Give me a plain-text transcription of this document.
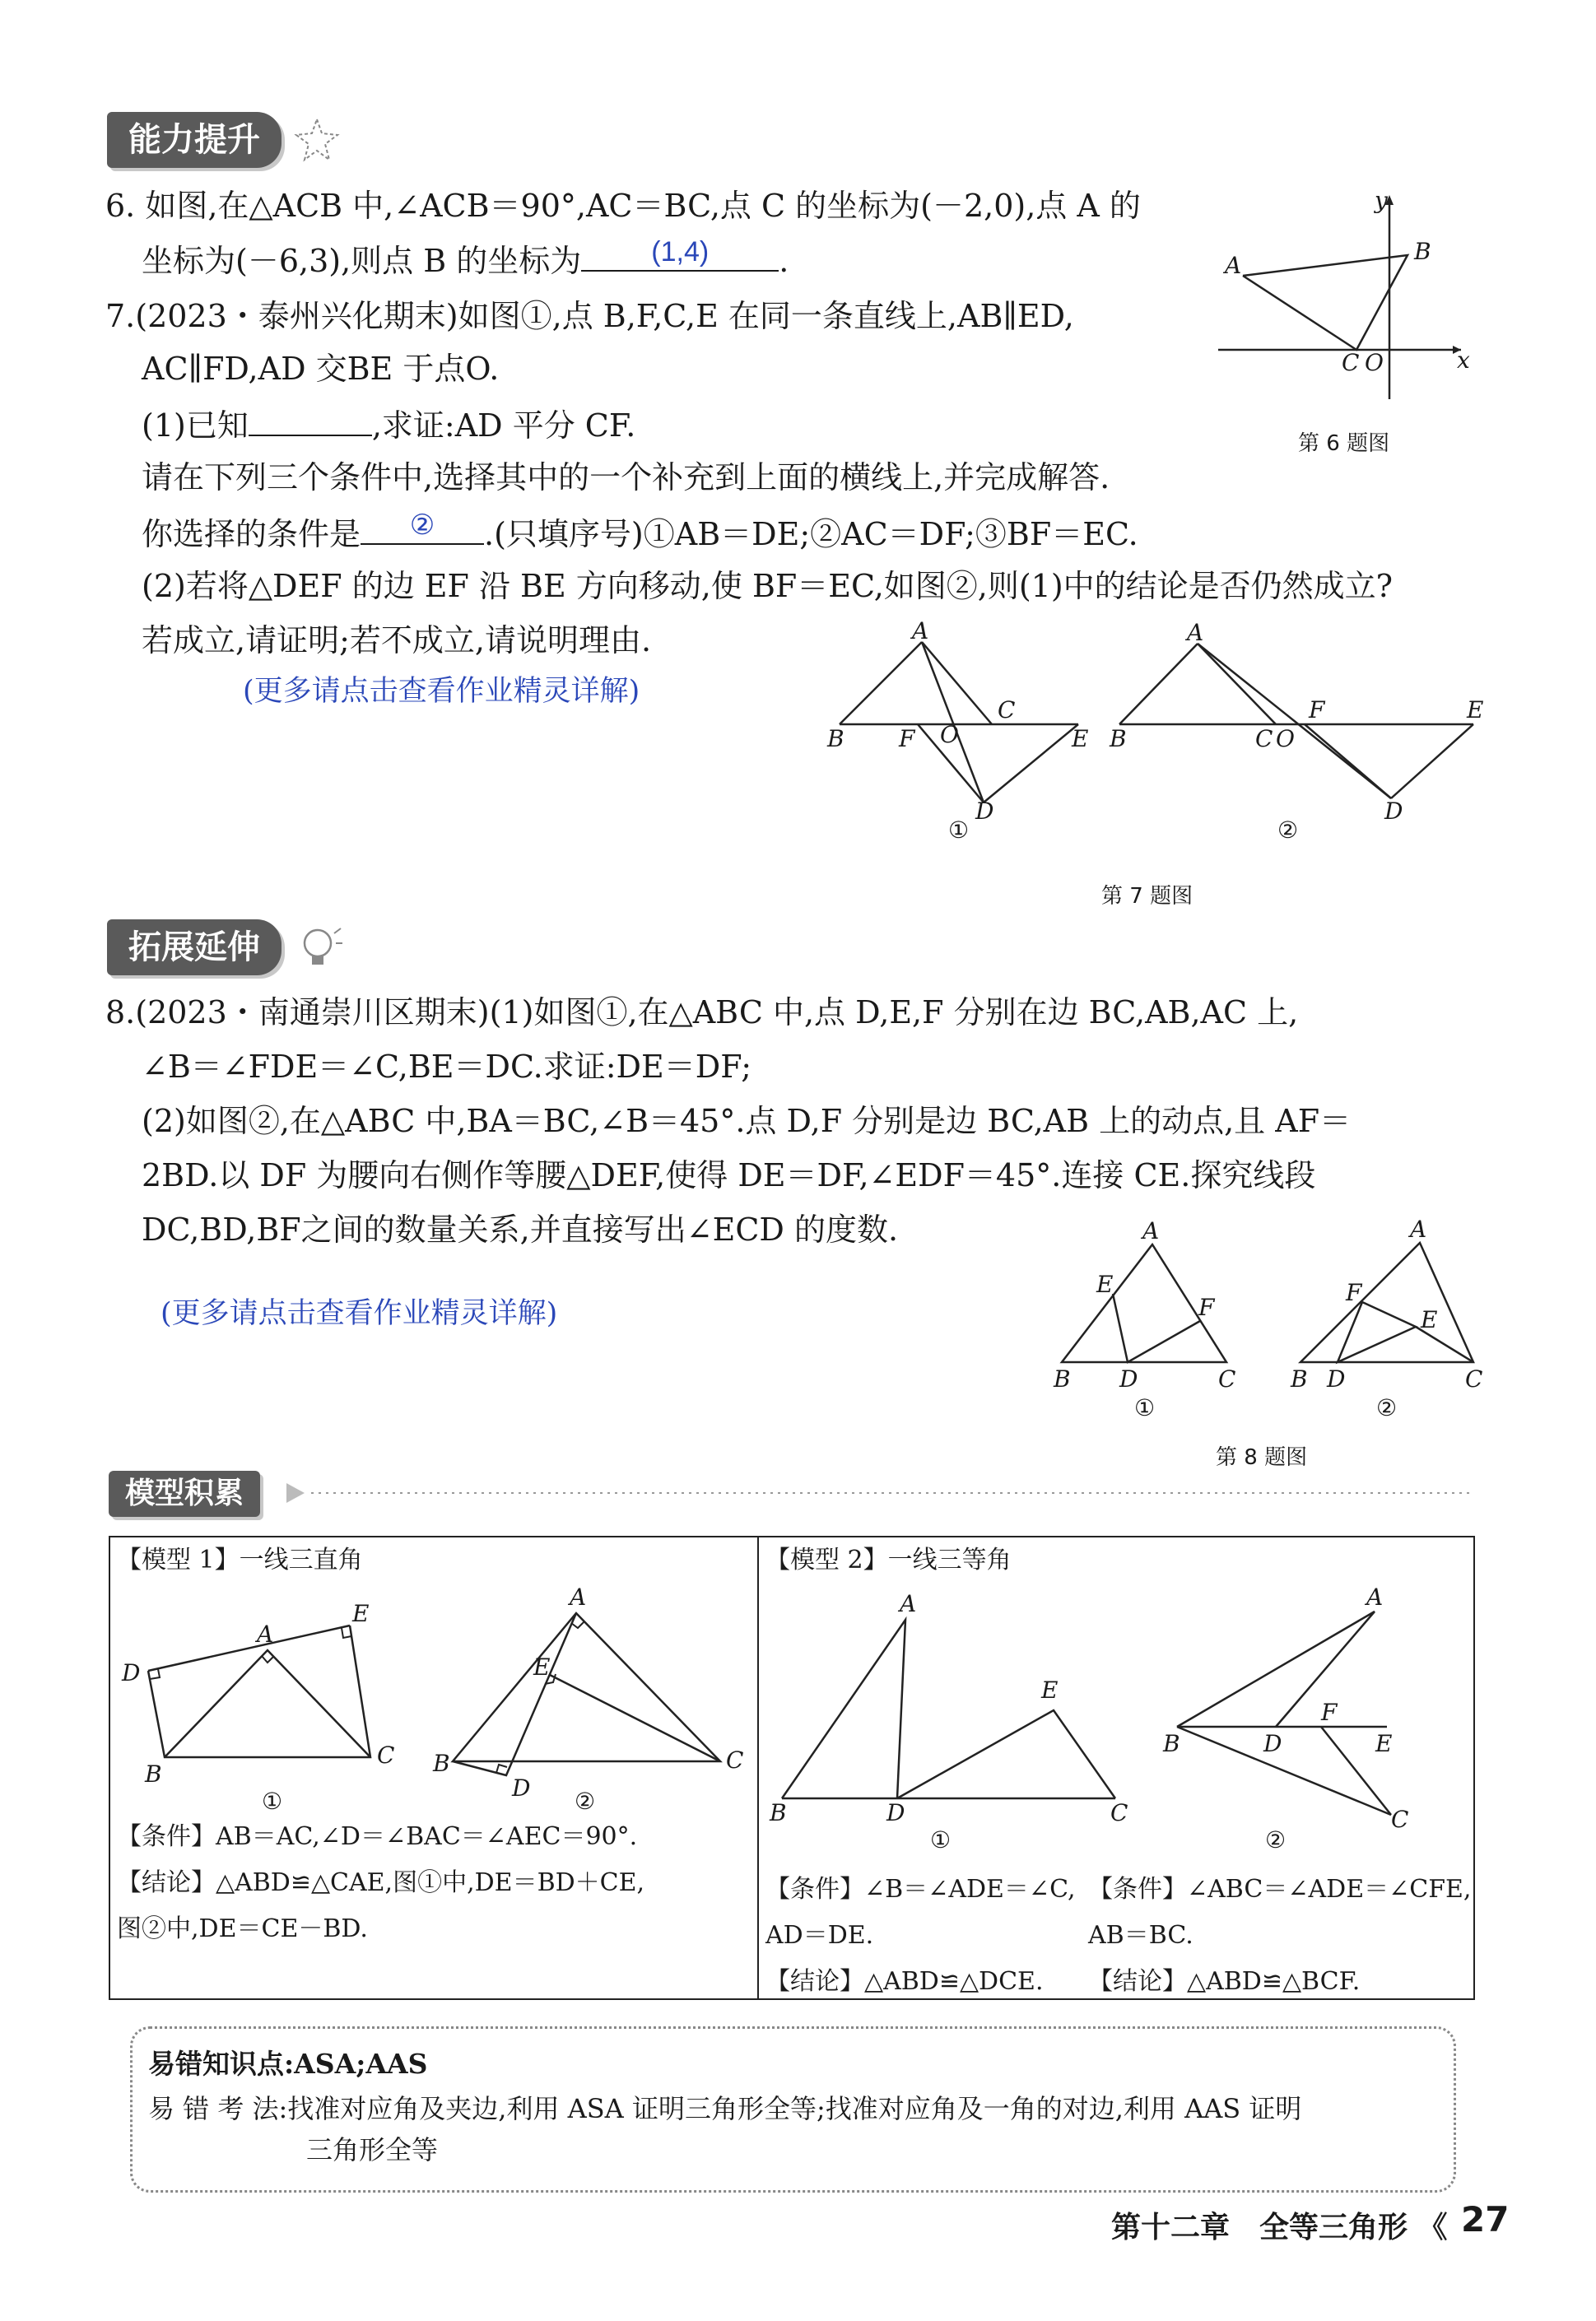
能力提升
6. 如图,在△ACB 中,∠ACB＝90°,AC＝BC,点 C 的坐标为(－2,0),点 A 的
坐标为(－6,3),则点 B 的坐标为	(1,4)	.
y
x
A
B
C O
第 6 题图
7.(2023・泰州兴化期末)如图①,点 B,F,C,E 在同一条直线上,AB∥ED,
AC∥FD,AD 交BE 于点O.
(1)已知	,求证:AD 平分 CF.
请在下列三个条件中,选择其中的一个补充到上面的横线上,并完成解答.
你选择的条件是	②	.(只填序号)①AB＝DE;②AC＝DF;③BF＝EC.
(2)若将△DEF 的边 EF 沿 BE 方向移动,使 BF＝EC,如图②,则(1)中的结论是否仍然成立?
若成立,请证明;若不成立,请说明理由.
(更多请点击查看作业精灵详解)
A
B F
C
O	E
D
①
A
B	C O
F	E
D
②
第 7 题图
拓展延伸
8.(2023・南通崇川区期末)(1)如图①,在△ABC 中,点 D,E,F 分别在边 BC,AB,AC 上,
∠B＝∠FDE＝∠C,BE＝DC.求证:DE＝DF;
(2)如图②,在△ABC 中,BA＝BC,∠B＝45°.点 D,F 分别是边 BC,AB 上的动点,且 AF＝
2BD.以 DF 为腰向右侧作等腰△DEF,使得 DE＝DF,∠EDF＝45°.连接 CE.探究线段
DC,BD,BF之间的数量关系,并直接写出∠ECD 的度数.
(更多请点击查看作业精灵详解)
A
E
F
B D	C
①
A
F
E
B D	C
②
第 8 题图
模型积累
【模型 1】一线三直角
D
A
E
B
C
①
A
E
B
D
C
②
【条件】AB＝AC,∠D＝∠BAC＝∠AEC＝90°.
【结论】△ABD≌△CAE,图①中,DE＝BD＋CE,
图②中,DE＝CE－BD.
【模型 2】一线三等角
A
E
B	D	C
①
A
F
B	D	E
C
②
【条件】∠B＝∠ADE＝∠C,
AD＝DE.
【结论】△ABD≌△DCE.
【条件】∠ABC＝∠ADE＝∠CFE,
AB＝BC.
【结论】△ABD≌△BCF.
易错知识点:ASA;AAS
易 错 考 法:找准对应角及夹边,利用 ASA 证明三角形全等;找准对应角及一角的对边,利用 AAS 证明
三角形全等
第十二章　全等三角形 《 27
